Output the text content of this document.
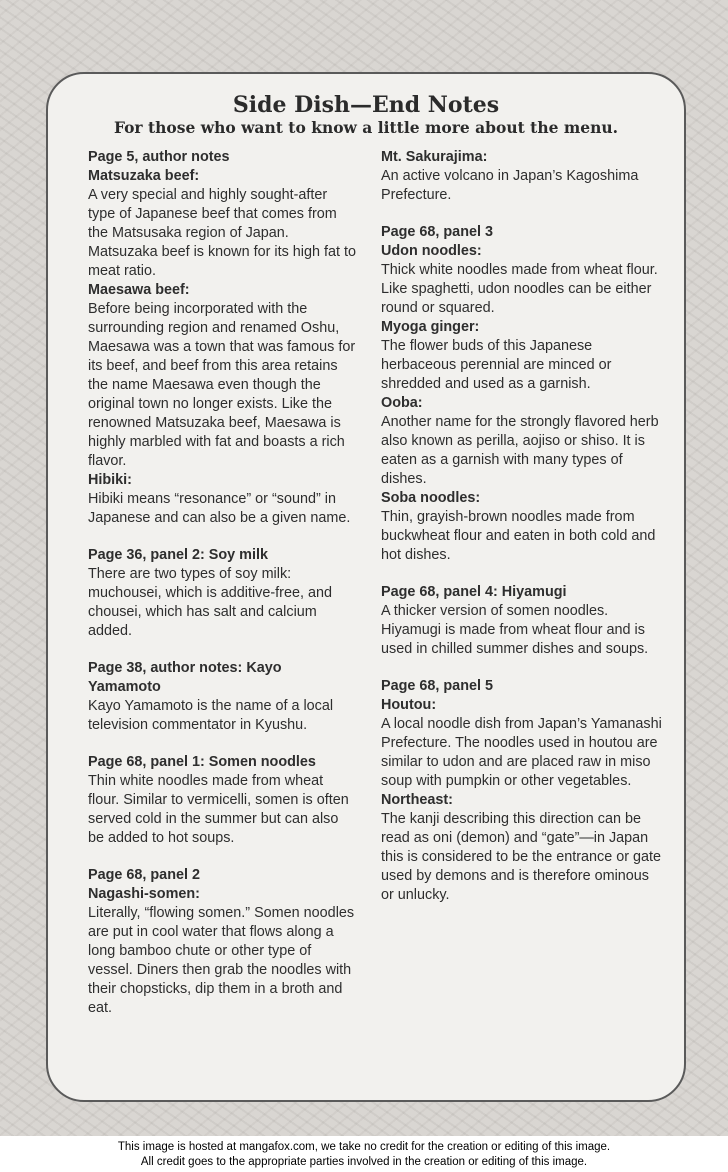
Side Dish—End Notes

For those who want to know a little more about the menu.

Page 5, author notes

Matsuzaka beef:

A very special and highly sought-after type of Japanese beef that comes from the Matsusaka region of Japan. Matsuzaka beef is known for its high fat to meat ratio.

Maesawa beef:

Before being incorporated with the surrounding region and renamed Oshu, Maesawa was a town that was famous for its beef, and beef from this area retains the name Maesawa even though the original town no longer exists. Like the renowned Matsuzaka beef, Maesawa is highly marbled with fat and boasts a rich flavor.

Hibiki:

Hibiki means “resonance” or “sound” in Japanese and can also be a given name.

Page 36, panel 2: Soy milk

There are two types of soy milk: muchousei, which is additive-free, and chousei, which has salt and calcium added.

Page 38, author notes: Kayo Yamamoto

Kayo Yamamoto is the name of a local television commentator in Kyushu.

Page 68, panel 1: Somen noodles

Thin white noodles made from wheat flour. Similar to vermicelli, somen is often served cold in the summer but can also be added to hot soups.

Page 68, panel 2

Nagashi-somen:

Literally, “flowing somen.” Somen noodles are put in cool water that flows along a long bamboo chute or other type of vessel. Diners then grab the noodles with their chopsticks, dip them in a broth and eat.

Mt. Sakurajima:

An active volcano in Japan’s Kagoshima Prefecture.

Page 68, panel 3

Udon noodles:

Thick white noodles made from wheat flour. Like spaghetti, udon noodles can be either round or squared.

Myoga ginger:

The flower buds of this Japanese herbaceous perennial are minced or shredded and used as a garnish.

Ooba:

Another name for the strongly flavored herb also known as perilla, aojiso or shiso. It is eaten as a garnish with many types of dishes.

Soba noodles:

Thin, grayish-brown noodles made from buckwheat flour and eaten in both cold and hot dishes.

Page 68, panel 4: Hiyamugi

A thicker version of somen noodles. Hiyamugi is made from wheat flour and is used in chilled summer dishes and soups.

Page 68, panel 5

Houtou:

A local noodle dish from Japan’s Yamanashi Prefecture. The noodles used in houtou are similar to udon and are placed raw in miso soup with pumpkin or other vegetables.

Northeast:

The kanji describing this direction can be read as oni (demon) and “gate”—in Japan this is considered to be the entrance or gate used by demons and is therefore ominous or unlucky.

This image is hosted at mangafox.com, we take no credit for the creation or editing of this image.
All credit goes to the appropriate parties involved in the creation or editing of this image.
